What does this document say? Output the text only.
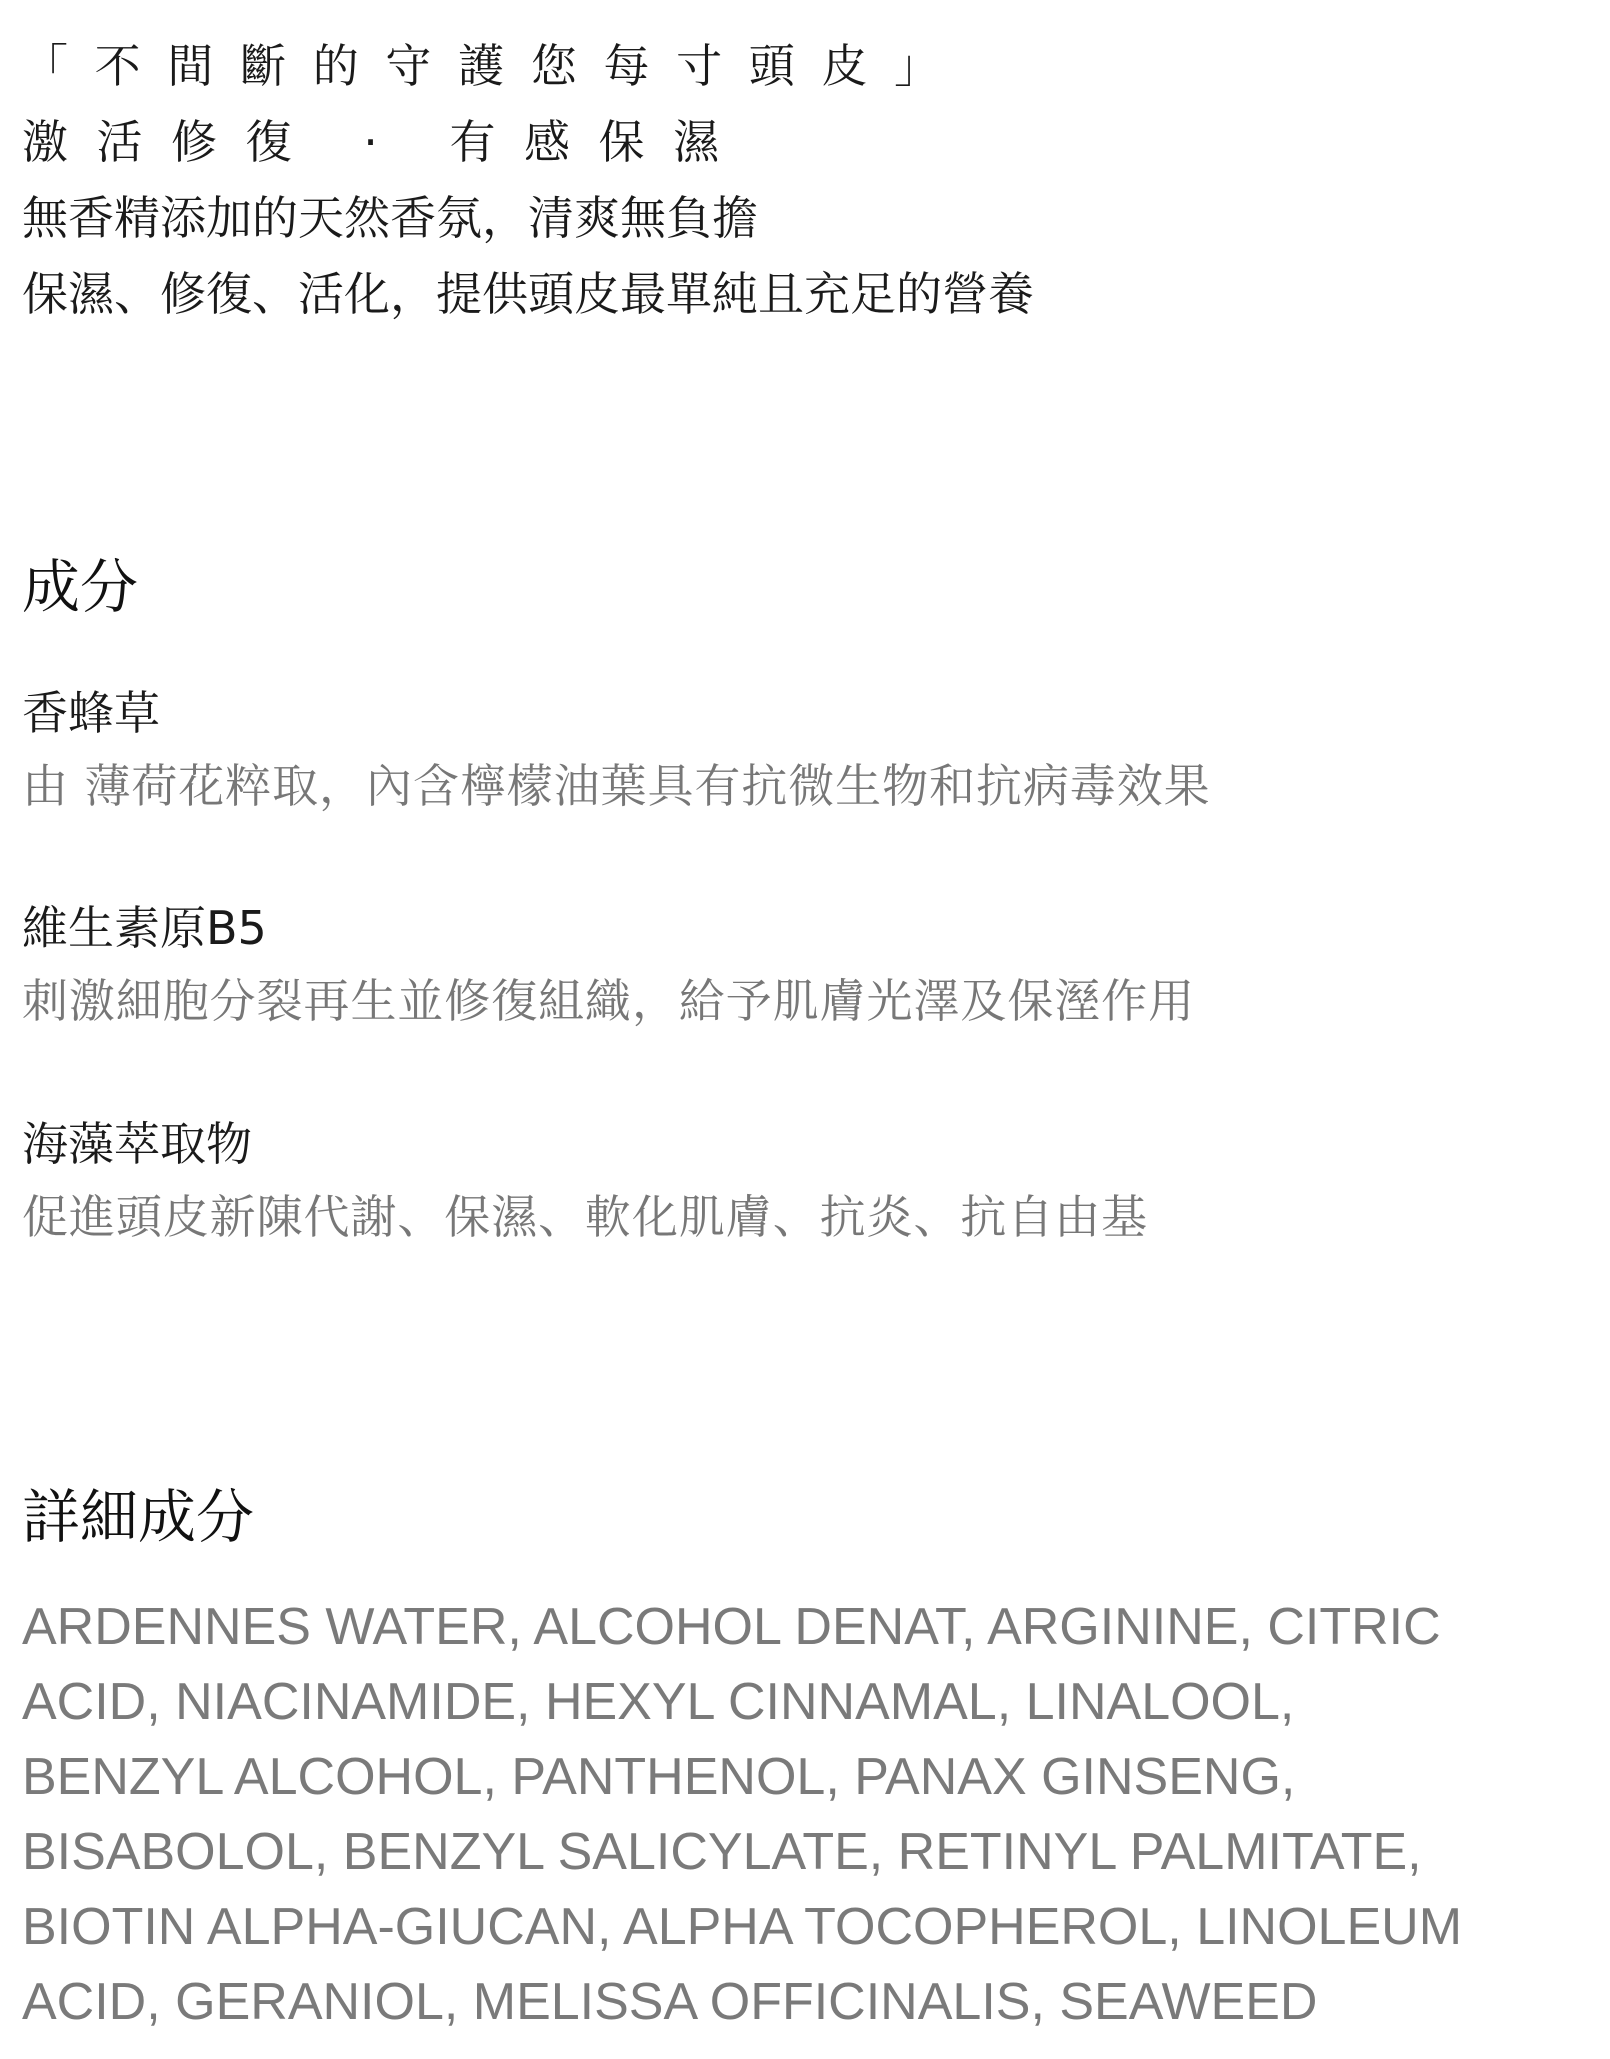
「不間斷的守護您每寸頭皮」
激活修復 · 有感保濕
無香精添加的天然香氛，清爽無負擔
保濕、修復、活化，提供頭皮最單純且充足的營養
成分
香蜂草
由 薄荷花粹取，內含檸檬油葉具有抗微生物和抗病毒效果
維生素原B5
刺激細胞分裂再生並修復組織，給予肌膚光澤及保溼作用
海藻萃取物
促進頭皮新陳代謝、保濕、軟化肌膚、抗炎、抗自由基
詳細成分
ARDENNES WATER, ALCOHOL DENAT, ARGININE, CITRIC
ACID, NIACINAMIDE, HEXYL CINNAMAL, LINALOOL,
BENZYL ALCOHOL, PANTHENOL, PANAX GINSENG,
BISABOLOL, BENZYL SALICYLATE, RETINYL PALMITATE,
BIOTIN ALPHA-GIUCAN, ALPHA TOCOPHEROL, LINOLEUM
ACID, GERANIOL, MELISSA OFFICINALIS, SEAWEED
